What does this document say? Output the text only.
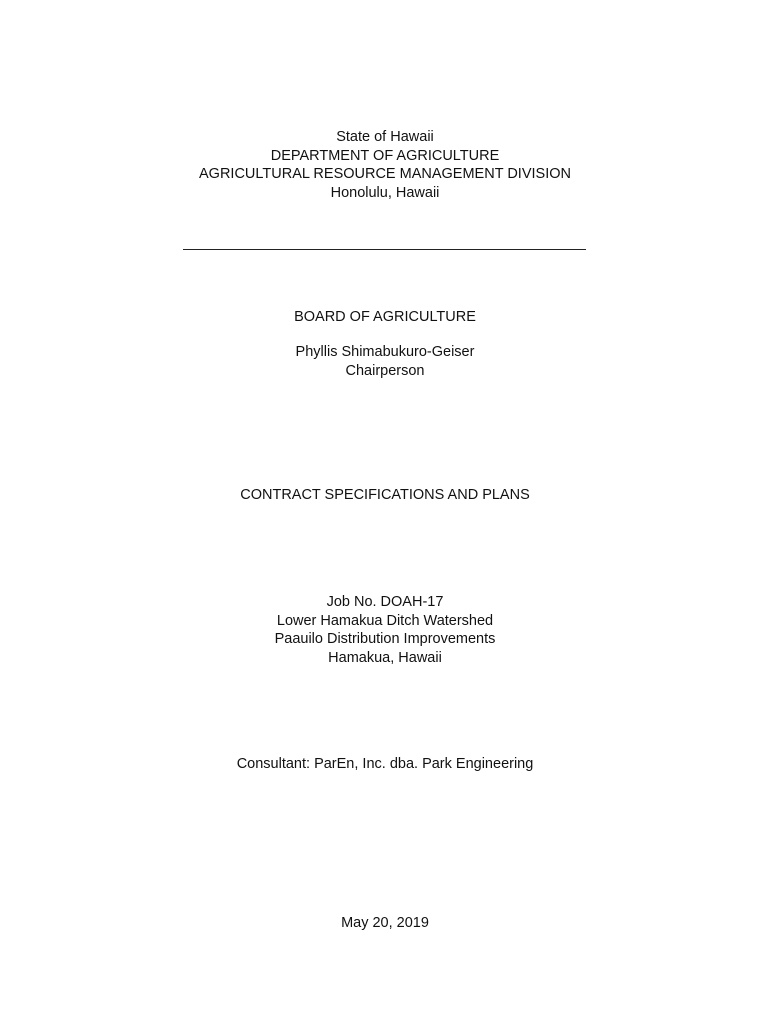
State of Hawaii
DEPARTMENT OF AGRICULTURE
AGRICULTURAL RESOURCE MANAGEMENT DIVISION
Honolulu, Hawaii
BOARD OF AGRICULTURE
Phyllis Shimabukuro-Geiser
Chairperson
CONTRACT SPECIFICATIONS AND PLANS
Job No. DOAH-17
Lower Hamakua Ditch Watershed
Paauilo Distribution Improvements
Hamakua, Hawaii
Consultant: ParEn, Inc. dba. Park Engineering
May 20, 2019
